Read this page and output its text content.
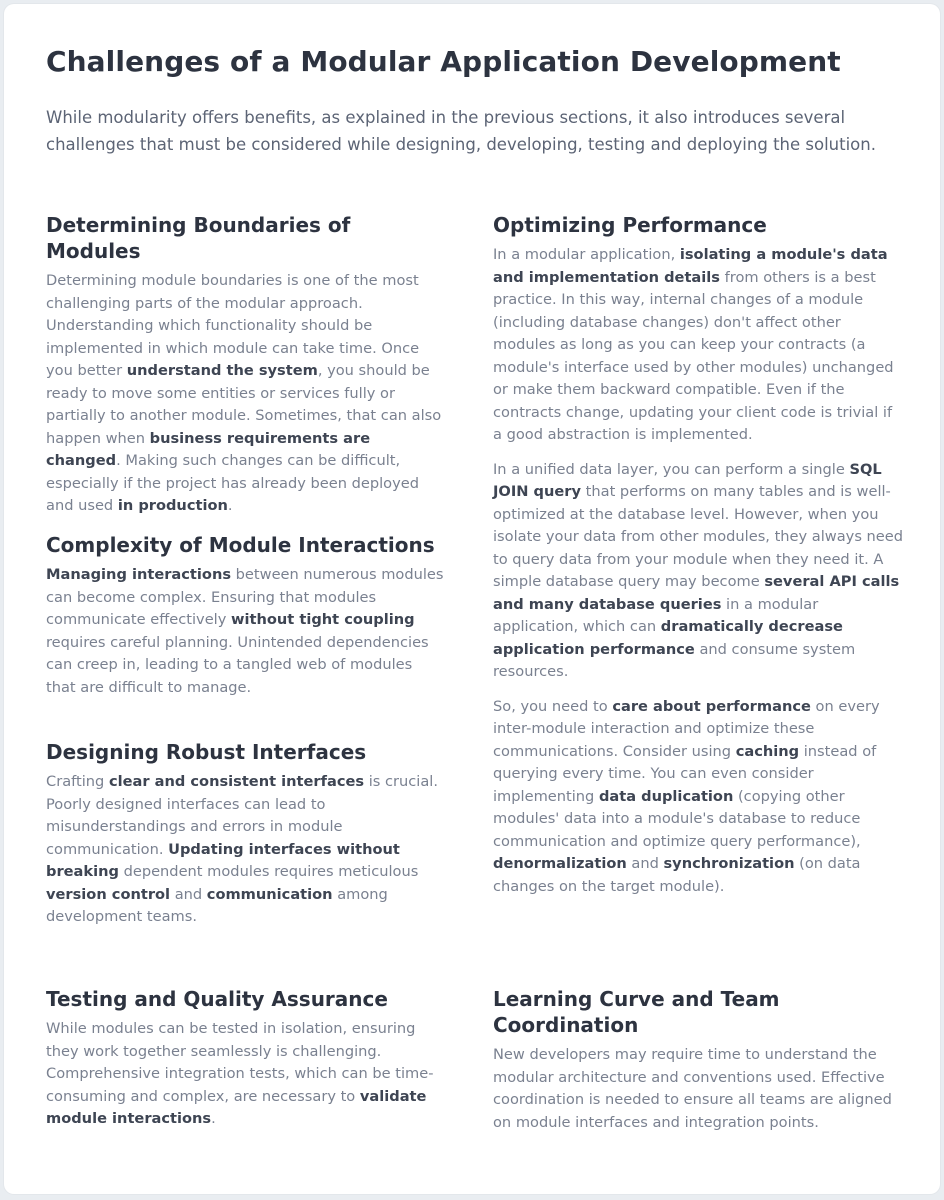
Challenges of a Modular Application Development

While modularity offers benefits, as explained in the previous sections, it also introduces several challenges that must be considered while designing, developing, testing and deploying the solution.

Determining Boundaries of Modules

Determining module boundaries is one of the most challenging parts of the modular approach. Understanding which functionality should be implemented in which module can take time. Once you better understand the system, you should be ready to move some entities or services fully or partially to another module. Sometimes, that can also happen when business requirements are changed. Making such changes can be difficult, especially if the project has already been deployed and used in production.

Complexity of Module Interactions

Managing interactions between numerous modules can become complex. Ensuring that modules communicate effectively without tight coupling requires careful planning. Unintended dependencies can creep in, leading to a tangled web of modules that are difficult to manage.

Designing Robust Interfaces

Crafting clear and consistent interfaces is crucial. Poorly designed interfaces can lead to misunderstandings and errors in module communication. Updating interfaces without breaking dependent modules requires meticulous version control and communication among development teams.

Testing and Quality Assurance

While modules can be tested in isolation, ensuring they work together seamlessly is challenging. Comprehensive integration tests, which can be time-consuming and complex, are necessary to validate module interactions.

Optimizing Performance

In a modular application, isolating a module's data and implementation details from others is a best practice. In this way, internal changes of a module (including database changes) don't affect other modules as long as you can keep your contracts (a module's interface used by other modules) unchanged or make them backward compatible. Even if the contracts change, updating your client code is trivial if a good abstraction is implemented.

In a unified data layer, you can perform a single SQL JOIN query that performs on many tables and is well-optimized at the database level. However, when you isolate your data from other modules, they always need to query data from your module when they need it. A simple database query may become several API calls and many database queries in a modular application, which can dramatically decrease application performance and consume system resources.

So, you need to care about performance on every inter-module interaction and optimize these communications. Consider using caching instead of querying every time. You can even consider implementing data duplication (copying other modules' data into a module's database to reduce communication and optimize query performance), denormalization and synchronization (on data changes on the target module).

Learning Curve and Team Coordination

New developers may require time to understand the modular architecture and conventions used. Effective coordination is needed to ensure all teams are aligned on module interfaces and integration points.
